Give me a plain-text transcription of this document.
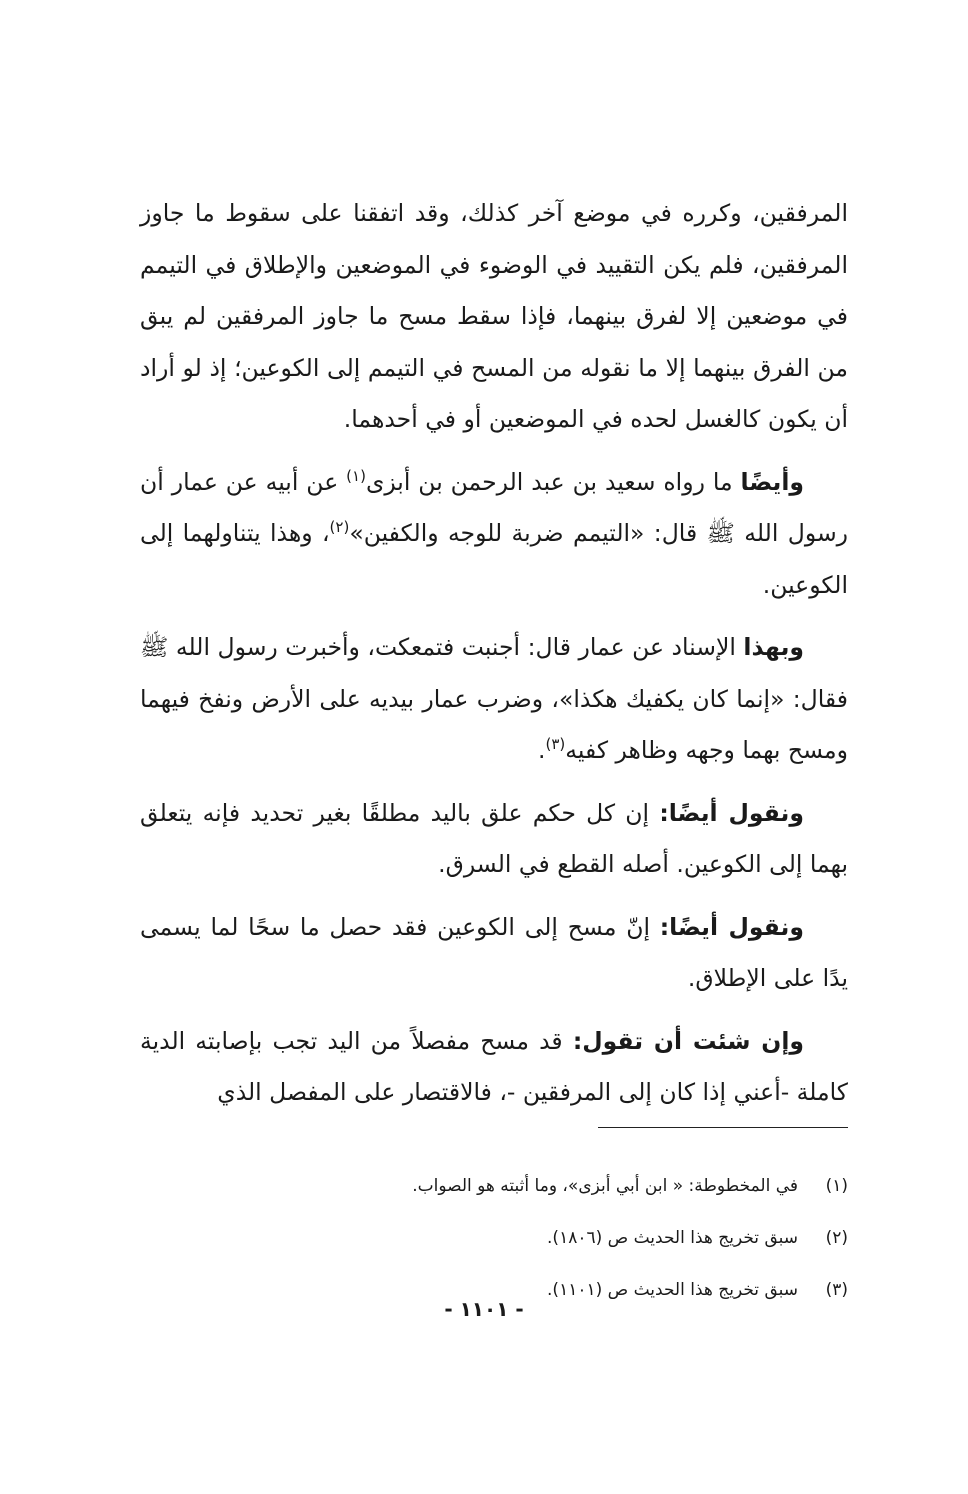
المرفقين، وكرره في موضع آخر كذلك، وقد اتفقنا على سقوط ما جاوز المرفقين، فلم يكن التقييد في الوضوء في الموضعين والإطلاق في التيمم في موضعين إلا لفرق بينهما، فإذا سقط مسح ما جاوز المرفقين لم يبق من الفرق بينهما إلا ما نقوله من المسح في التيمم إلى الكوعين؛ إذ لو أراد أن يكون كالغسل لحده في الموضعين أو في أحدهما.

وأيضًا ما رواه سعيد بن عبد الرحمن بن أبزى$^{(١)}$ عن أبيه عن عمار أن رسول الله ﷺ قال: «التيمم ضربة للوجه والكفين»$^{(٢)}$، وهذا يتناولهما إلى الكوعين.

وبهذا الإسناد عن عمار قال: أجنبت فتمعكت، وأخبرت رسول الله ﷺ فقال: «إنما كان يكفيك هكذا»، وضرب عمار بيديه على الأرض ونفخ فيهما ومسح بهما وجهه وظاهر كفيه$^{(٣)}$.

ونقول أيضًا: إن كل حكم علق باليد مطلقًا بغير تحديد فإنه يتعلق بهما إلى الكوعين. أصله القطع في السرق.

ونقول أيضًا: إنّ مسح إلى الكوعين فقد حصل ما سحًا لما يسمى يدًا على الإطلاق.

وإن شئت أن تقول: قد مسح مفصلاً من اليد تجب بإصابته الدية كاملة -أعني إذا كان إلى المرفقين -، فالاقتصار على المفصل الذي

(١)
في المخطوطة: « ابن أبي أبزى»، وما أثبته هو الصواب.
(٢)
سبق تخريج هذا الحديث ص (١٨٠٦).
(٣)
سبق تخريج هذا الحديث ص (١١٠١).
- ١١٠١ -
